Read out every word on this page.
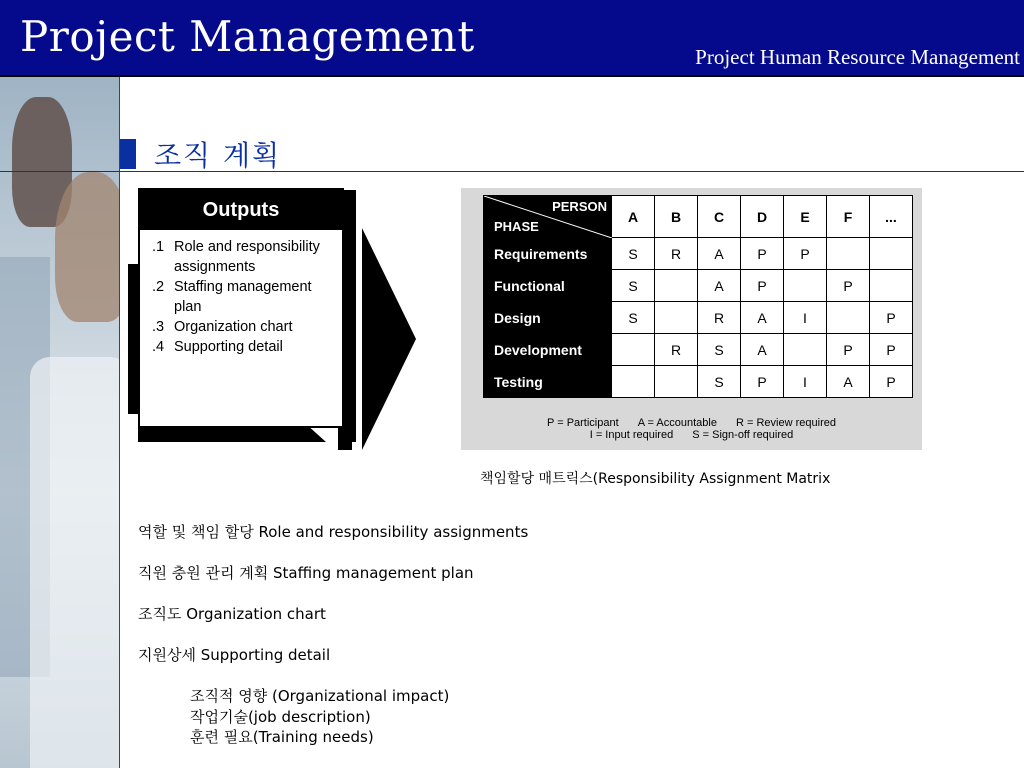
Project Management	Project Human Resource Management
조직 계획
Outputs
.1 Role and responsibility assignments
.2 Staffing management plan
.3 Organization chart
.4 Supporting detail
PERSON
PHASE	A	B	C	D	E	F	...
Requirements	S	R	A	P	P		
Functional	S		A	P		P	
Design	S		R	A	I		P
Development		R	S	A		P	P
Testing			S	P	I	A	P
P = Participant A = Accountable R = Review required
I = Input required S = Sign-off required
책임할당 매트릭스(Responsibility Assignment Matrix
역할 및 책임 할당 Role and responsibility assignments
직원 충원 관리 계획 Staffing management plan
조직도 Organization chart
지원상세 Supporting detail
조직적 영향 (Organizational impact)
작업기술(job description)
훈련 필요(Training needs)
